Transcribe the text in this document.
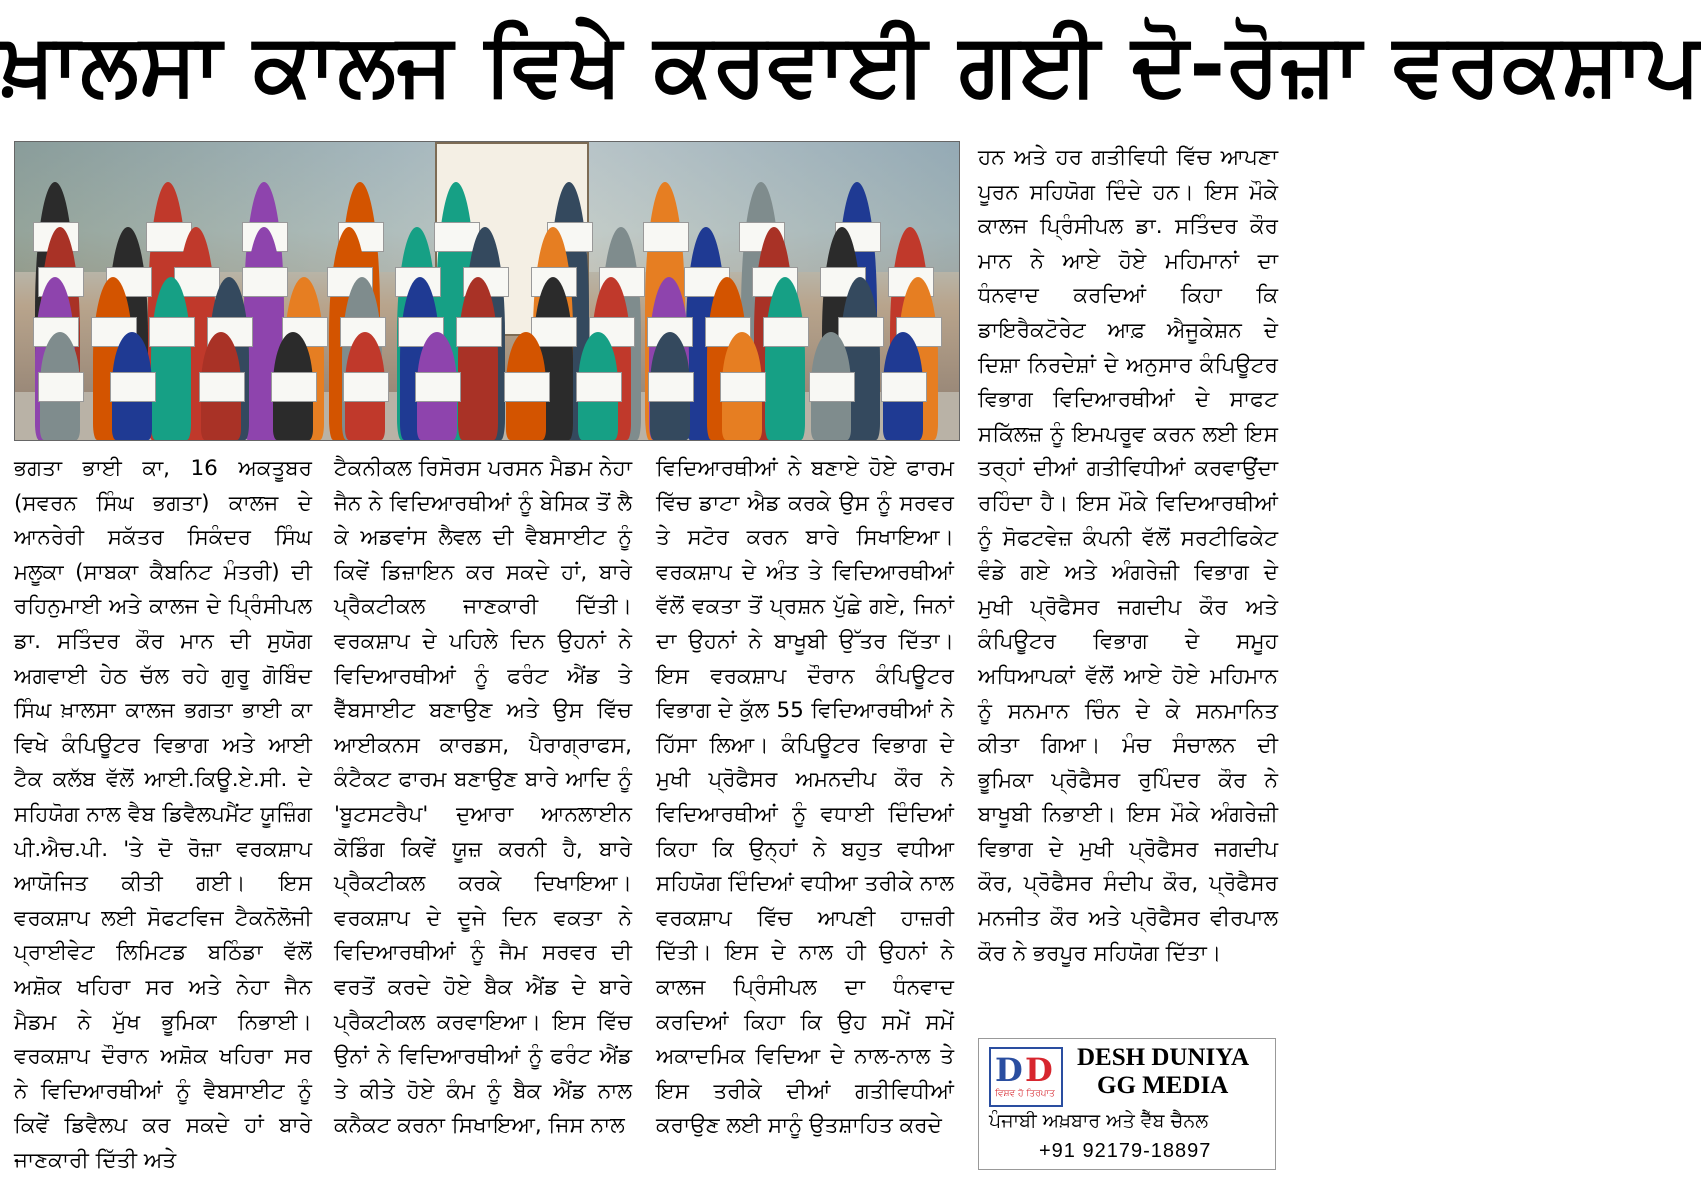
ਖ਼ਾਲਸਾ ਕਾਲਜ ਵਿਖੇ ਕਰਵਾਈ ਗਈ ਦੋ-ਰੋਜ਼ਾ ਵਰਕਸ਼ਾਪ

ਭਗਤਾ ਭਾਈ ਕਾ, 16 ਅਕਤੂਬਰ (ਸਵਰਨ ਸਿੰਘ ਭਗਤਾ) ਕਾਲਜ ਦੇ ਆਨਰੇਰੀ ਸਕੱਤਰ ਸਿਕੰਦਰ ਸਿੰਘ ਮਲੂਕਾ (ਸਾਬਕਾ ਕੈਬਨਿਟ ਮੰਤਰੀ) ਦੀ ਰਹਿਨੁਮਾਈ ਅਤੇ ਕਾਲਜ ਦੇ ਪ੍ਰਿੰਸੀਪਲ ਡਾ. ਸਤਿੰਦਰ ਕੌਰ ਮਾਨ ਦੀ ਸੁਯੋਗ ਅਗਵਾਈ ਹੇਠ ਚੱਲ ਰਹੇ ਗੁਰੂ ਗੋਬਿੰਦ ਸਿੰਘ ਖ਼ਾਲਸਾ ਕਾਲਜ ਭਗਤਾ ਭਾਈ ਕਾ ਵਿਖੇ ਕੰਪਿਊਟਰ ਵਿਭਾਗ ਅਤੇ ਆਈ ਟੈਕ ਕਲੱਬ ਵੱਲੋਂ ਆਈ.ਕਿਊ.ਏ.ਸੀ. ਦੇ ਸਹਿਯੋਗ ਨਾਲ ਵੈਬ ਡਿਵੈਲਪਮੈਂਟ ਯੂਜ਼ਿੰਗ ਪੀ.ਐਚ.ਪੀ. 'ਤੇ ਦੋ ਰੋਜ਼ਾ ਵਰਕਸ਼ਾਪ ਆਯੋਜਿਤ ਕੀਤੀ ਗਈ। ਇਸ ਵਰਕਸ਼ਾਪ ਲਈ ਸੋਫਟਵਿਜ ਟੈਕਨੋਲੋਜੀ ਪ੍ਰਾਈਵੇਟ ਲਿਮਿਟਡ ਬਠਿੰਡਾ ਵੱਲੋਂ ਅਸ਼ੋਕ ਖਹਿਰਾ ਸਰ ਅਤੇ ਨੇਹਾ ਜੈਨ ਮੈਡਮ ਨੇ ਮੁੱਖ ਭੂਮਿਕਾ ਨਿਭਾਈ। ਵਰਕਸ਼ਾਪ ਦੌਰਾਨ ਅਸ਼ੋਕ ਖਹਿਰਾ ਸਰ ਨੇ ਵਿਦਿਆਰਥੀਆਂ ਨੂੰ ਵੈਬਸਾਈਟ ਨੂੰ ਕਿਵੇਂ ਡਿਵੈਲਪ ਕਰ ਸਕਦੇ ਹਾਂ ਬਾਰੇ ਜਾਣਕਾਰੀ ਦਿੱਤੀ ਅਤੇ

ਟੈਕਨੀਕਲ ਰਿਸੋਰਸ ਪਰਸਨ ਮੈਡਮ ਨੇਹਾ ਜੈਨ ਨੇ ਵਿਦਿਆਰਥੀਆਂ ਨੂੰ ਬੇਸਿਕ ਤੋਂ ਲੈ ਕੇ ਅਡਵਾਂਸ ਲੈਵਲ ਦੀ ਵੈਬਸਾਈਟ ਨੂੰ ਕਿਵੇਂ ਡਿਜ਼ਾਇਨ ਕਰ ਸਕਦੇ ਹਾਂ, ਬਾਰੇ ਪ੍ਰੈਕਟੀਕਲ ਜਾਣਕਾਰੀ ਦਿੱਤੀ। ਵਰਕਸ਼ਾਪ ਦੇ ਪਹਿਲੇ ਦਿਨ ਉਹਨਾਂ ਨੇ ਵਿਦਿਆਰਥੀਆਂ ਨੂੰ ਫਰੰਟ ਐਂਡ ਤੇ ਵੈੱਬਸਾਈਟ ਬਣਾਉਣ ਅਤੇ ਉਸ ਵਿੱਚ ਆਈਕਨਸ ਕਾਰਡਸ, ਪੈਰਾਗ੍ਰਾਫਸ, ਕੰਟੈਕਟ ਫਾਰਮ ਬਣਾਉਣ ਬਾਰੇ ਆਦਿ ਨੂੰ 'ਬੂਟਸਟਰੈਪ' ਦੁਆਰਾ ਆਨਲਾਈਨ ਕੋਡਿੰਗ ਕਿਵੇਂ ਯੂਜ਼ ਕਰਨੀ ਹੈ, ਬਾਰੇ ਪ੍ਰੈਕਟੀਕਲ ਕਰਕੇ ਦਿਖਾਇਆ। ਵਰਕਸ਼ਾਪ ਦੇ ਦੂਜੇ ਦਿਨ ਵਕਤਾ ਨੇ ਵਿਦਿਆਰਥੀਆਂ ਨੂੰ ਜੈਮ ਸਰਵਰ ਦੀ ਵਰਤੋਂ ਕਰਦੇ ਹੋਏ ਬੈਕ ਐਂਡ ਦੇ ਬਾਰੇ ਪ੍ਰੈਕਟੀਕਲ ਕਰਵਾਇਆ। ਇਸ ਵਿੱਚ ਉਨਾਂ ਨੇ ਵਿਦਿਆਰਥੀਆਂ ਨੂੰ ਫਰੰਟ ਐਂਡ ਤੇ ਕੀਤੇ ਹੋਏ ਕੰਮ ਨੂੰ ਬੈਕ ਐਂਡ ਨਾਲ ਕਨੈਕਟ ਕਰਨਾ ਸਿਖਾਇਆ, ਜਿਸ ਨਾਲ

ਵਿਦਿਆਰਥੀਆਂ ਨੇ ਬਣਾਏ ਹੋਏ ਫਾਰਮ ਵਿੱਚ ਡਾਟਾ ਐਡ ਕਰਕੇ ਉਸ ਨੂੰ ਸਰਵਰ ਤੇ ਸਟੋਰ ਕਰਨ ਬਾਰੇ ਸਿਖਾਇਆ। ਵਰਕਸ਼ਾਪ ਦੇ ਅੰਤ ਤੇ ਵਿਦਿਆਰਥੀਆਂ ਵੱਲੋਂ ਵਕਤਾ ਤੋਂ ਪ੍ਰਸ਼ਨ ਪੁੱਛੇ ਗਏ, ਜਿਨਾਂ ਦਾ ਉਹਨਾਂ ਨੇ ਬਾਖੂਬੀ ਉੱਤਰ ਦਿੱਤਾ। ਇਸ ਵਰਕਸ਼ਾਪ ਦੌਰਾਨ ਕੰਪਿਊਟਰ ਵਿਭਾਗ ਦੇ ਕੁੱਲ 55 ਵਿਦਿਆਰਥੀਆਂ ਨੇ ਹਿੱਸਾ ਲਿਆ। ਕੰਪਿਊਟਰ ਵਿਭਾਗ ਦੇ ਮੁਖੀ ਪ੍ਰੋਫੈਸਰ ਅਮਨਦੀਪ ਕੌਰ ਨੇ ਵਿਦਿਆਰਥੀਆਂ ਨੂੰ ਵਧਾਈ ਦਿੰਦਿਆਂ ਕਿਹਾ ਕਿ ਉਨ੍ਹਾਂ ਨੇ ਬਹੁਤ ਵਧੀਆ ਸਹਿਯੋਗ ਦਿੰਦਿਆਂ ਵਧੀਆ ਤਰੀਕੇ ਨਾਲ ਵਰਕਸ਼ਾਪ ਵਿੱਚ ਆਪਣੀ ਹਾਜ਼ਰੀ ਦਿੱਤੀ। ਇਸ ਦੇ ਨਾਲ ਹੀ ਉਹਨਾਂ ਨੇ ਕਾਲਜ ਪ੍ਰਿੰਸੀਪਲ ਦਾ ਧੰਨਵਾਦ ਕਰਦਿਆਂ ਕਿਹਾ ਕਿ ਉਹ ਸਮੇਂ ਸਮੇਂ ਅਕਾਦਮਿਕ ਵਿਦਿਆ ਦੇ ਨਾਲ-ਨਾਲ ਤੇ ਇਸ ਤਰੀਕੇ ਦੀਆਂ ਗਤੀਵਿਧੀਆਂ ਕਰਾਉਣ ਲਈ ਸਾਨੂੰ ਉਤਸ਼ਾਹਿਤ ਕਰਦੇ

ਹਨ ਅਤੇ ਹਰ ਗਤੀਵਿਧੀ ਵਿੱਚ ਆਪਣਾ ਪੂਰਨ ਸਹਿਯੋਗ ਦਿੰਦੇ ਹਨ। ਇਸ ਮੌਕੇ ਕਾਲਜ ਪ੍ਰਿੰਸੀਪਲ ਡਾ. ਸਤਿੰਦਰ ਕੌਰ ਮਾਨ ਨੇ ਆਏ ਹੋਏ ਮਹਿਮਾਨਾਂ ਦਾ ਧੰਨਵਾਦ ਕਰਦਿਆਂ ਕਿਹਾ ਕਿ ਡਾਇਰੈਕਟੋਰੇਟ ਆਫ਼ ਐਜੂਕੇਸ਼ਨ ਦੇ ਦਿਸ਼ਾ ਨਿਰਦੇਸ਼ਾਂ ਦੇ ਅਨੁਸਾਰ ਕੰਪਿਊਟਰ ਵਿਭਾਗ ਵਿਦਿਆਰਥੀਆਂ ਦੇ ਸਾਫਟ ਸਕਿੱਲਜ਼ ਨੂੰ ਇਮਪਰੂਵ ਕਰਨ ਲਈ ਇਸ ਤਰ੍ਹਾਂ ਦੀਆਂ ਗਤੀਵਿਧੀਆਂ ਕਰਵਾਉਂਦਾ ਰਹਿੰਦਾ ਹੈ। ਇਸ ਮੌਕੇ ਵਿਦਿਆਰਥੀਆਂ ਨੂੰ ਸੋਫਟਵੇਜ਼ ਕੰਪਨੀ ਵੱਲੋਂ ਸਰਟੀਫਿਕੇਟ ਵੰਡੇ ਗਏ ਅਤੇ ਅੰਗਰੇਜ਼ੀ ਵਿਭਾਗ ਦੇ ਮੁਖੀ ਪ੍ਰੋਫੈਸਰ ਜਗਦੀਪ ਕੌਰ ਅਤੇ ਕੰਪਿਊਟਰ ਵਿਭਾਗ ਦੇ ਸਮੂਹ ਅਧਿਆਪਕਾਂ ਵੱਲੋਂ ਆਏ ਹੋਏ ਮਹਿਮਾਨ ਨੂੰ ਸਨਮਾਨ ਚਿੰਨ ਦੇ ਕੇ ਸਨਮਾਨਿਤ ਕੀਤਾ ਗਿਆ। ਮੰਚ ਸੰਚਾਲਨ ਦੀ ਭੂਮਿਕਾ ਪ੍ਰੋਫੈਸਰ ਰੁਪਿੰਦਰ ਕੌਰ ਨੇ ਬਾਖੂਬੀ ਨਿਭਾਈ। ਇਸ ਮੌਕੇ ਅੰਗਰੇਜ਼ੀ ਵਿਭਾਗ ਦੇ ਮੁਖੀ ਪ੍ਰੋਫੈਸਰ ਜਗਦੀਪ ਕੌਰ, ਪ੍ਰੋਫੈਸਰ ਸੰਦੀਪ ਕੌਰ, ਪ੍ਰੋਫੈਸਰ ਮਨਜੀਤ ਕੌਰ ਅਤੇ ਪ੍ਰੋਫੈਸਰ ਵੀਰਪਾਲ ਕੌਰ ਨੇ ਭਰਪੂਰ ਸਹਿਯੋਗ ਦਿੱਤਾ।

D D
ਵਿਸ਼ਵ ਹੋ ਤਿਰਪਾਤ
DESH DUNIYA
GG MEDIA
ਪੰਜਾਬੀ ਅਖ਼ਬਾਰ ਅਤੇ ਵੈੱਬ ਚੈਨਲ
+91 92179-18897
